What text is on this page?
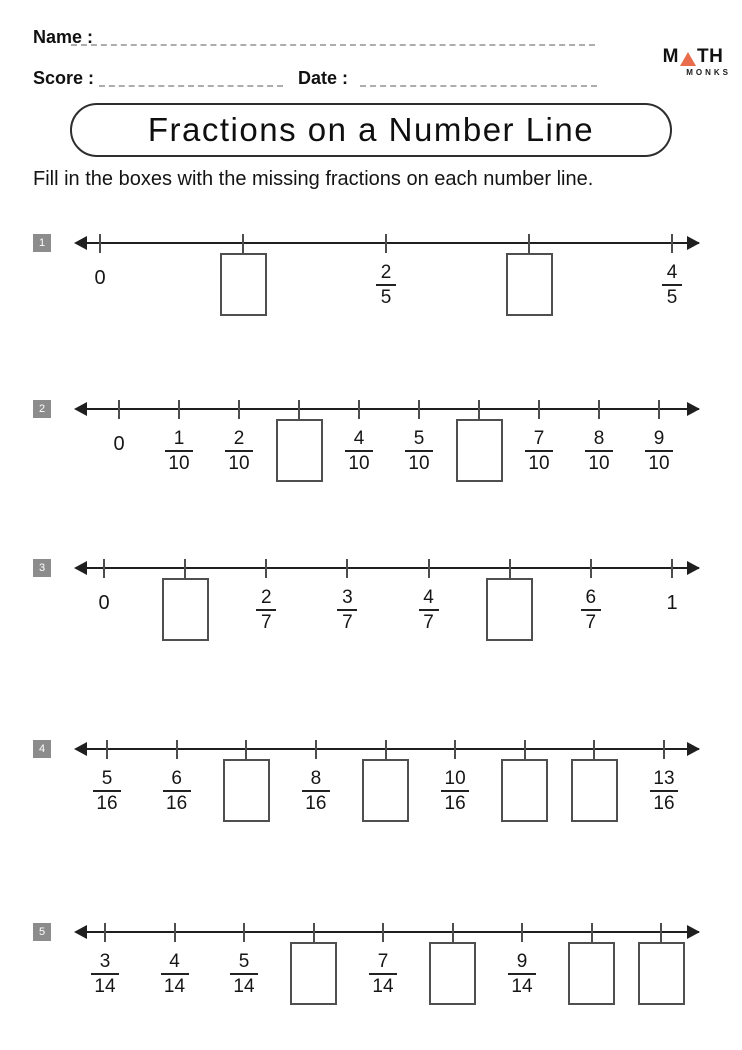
Name :
Score :	Date :
M TH
MONKS
Fractions on a Number Line
Fill in the boxes with the missing fractions on each number line.
1
0	2
5
4
5
2
0	1
10
2
10
4
10
5
10
7
10
8
10
9
10
3
0	2
7
3
7
4
7
6
7
1
4
5
16
6
16
8
16
10
16
13
16
5
3
14
4
14
5
14
7
14
9
14
